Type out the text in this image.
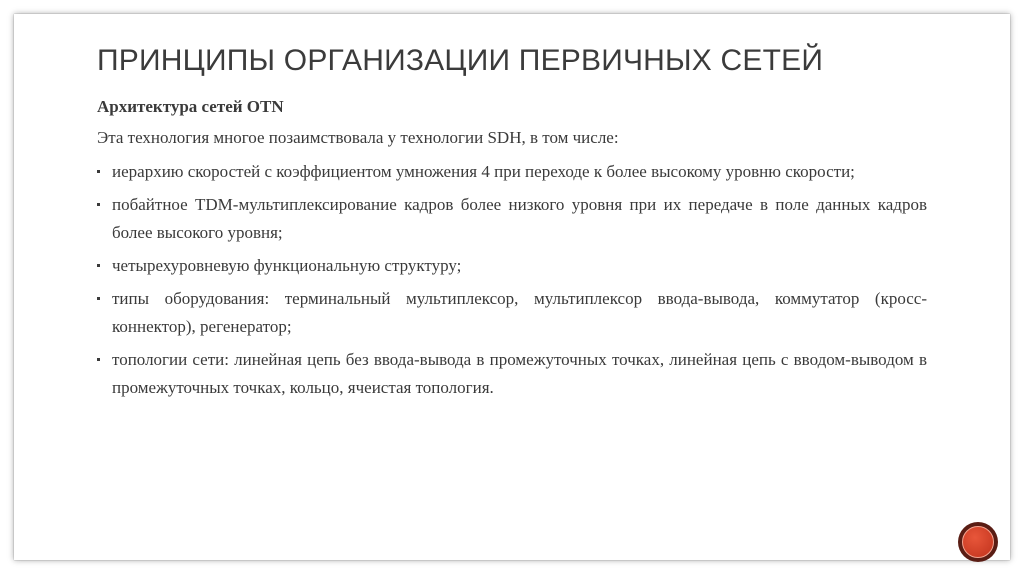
ПРИНЦИПЫ ОРГАНИЗАЦИИ ПЕРВИЧНЫХ СЕТЕЙ
Архитектура сетей OTN
Эта технология многое позаимствовала у технологии SDH, в том числе:
иерархию скоростей с коэффициентом умножения 4 при переходе к более высокому уровню скорости;
побайтное TDM-мультиплексирование кадров более низкого уровня при их передаче в поле данных кадров более высокого уровня;
четырехуровневую функциональную структуру;
типы оборудования: терминальный мультиплексор, мультиплексор ввода-вывода, коммутатор (кросс-коннектор), регенератор;
топологии сети: линейная цепь без ввода-вывода в промежуточных точках, линейная цепь с вводом-выводом в промежуточных точках, кольцо, ячеистая топология.
